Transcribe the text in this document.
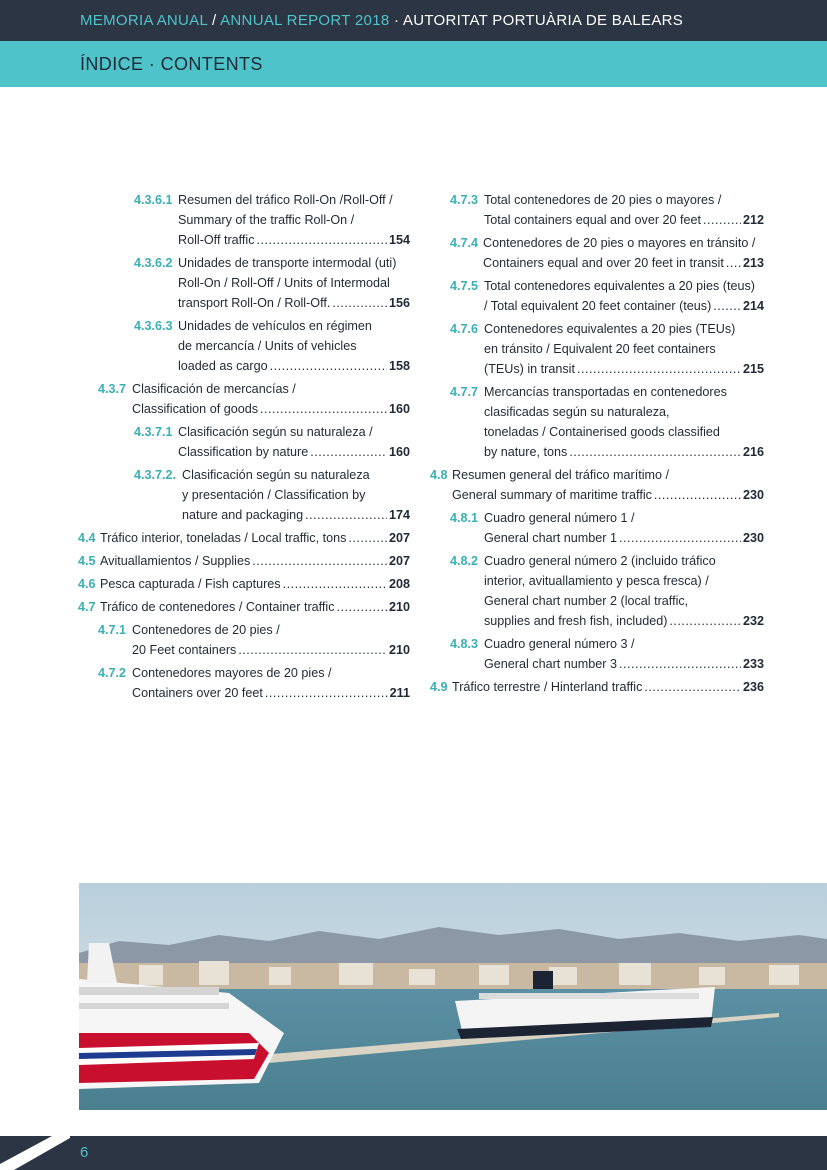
MEMORIA ANUAL / ANNUAL REPORT 2018 · AUTORITAT PORTUÀRIA DE BALEARS
ÍNDICE · CONTENTS
4.3.6.1 Resumen del tráfico Roll-On /Roll-Off /
Summary of the traffic Roll-On /
Roll-Off traffic .....	154
4.3.6.2 Unidades de transporte intermodal (uti)
Roll-On / Roll-Off / Units of Intermodal
transport Roll-On / Roll-Off. .....	156
4.3.6.3 Unidades de vehículos en régimen
de mercancía / Units of vehicles
loaded as cargo .....	158
4.3.7 Clasificación de mercancías /
Classification of goods .....	160
4.3.7.1 Clasificación según su naturaleza /
Classification by nature .....	160
4.3.7.2. Clasificación según su naturaleza
y presentación / Classification by
nature and packaging .....	174
4.4 Tráfico interior, toneladas / Local traffic, tons .....	207
4.5 Avituallamientos / Supplies .....	207
4.6 Pesca capturada / Fish captures .....	208
4.7 Tráfico de contenedores / Container traffic .....	210
4.7.1 Contenedores de 20 pies /
20 Feet containers .....	210
4.7.2 Contenedores mayores de 20 pies /
Containers over 20 feet .....	211
4.7.3 Total contenedores de 20 pies o mayores /
Total containers equal and over 20 feet .....	212
4.7.4 Contenedores de 20 pies o mayores en tránsito /
Containers equal and over 20 feet in transit ..... 213
4.7.5 Total contenedores equivalentes a 20 pies (teus)
/ Total equivalent 20 feet container (teus) .....	214
4.7.6 Contenedores equivalentes a 20 pies (TEUs)
en tránsito / Equivalent 20 feet containers
(TEUs) in transit .....	215
4.7.7 Mercancías transportadas en contenedores
clasificadas según su naturaleza,
toneladas / Containerised goods classified
by nature, tons .....	216
4.8 Resumen general del tráfico marítimo /
General summary of maritime traffic .....	230
4.8.1 Cuadro general número 1 /
General chart number 1 .....	230
4.8.2 Cuadro general número 2 (incluido tráfico
interior, avituallamiento y pesca fresca) /
General chart number 2 (local traffic,
supplies and fresh fish, included) .....	232
4.8.3 Cuadro general número 3 /
General chart number 3 .....	233
4.9 Tráfico terrestre / Hinterland traffic .....	236
6
